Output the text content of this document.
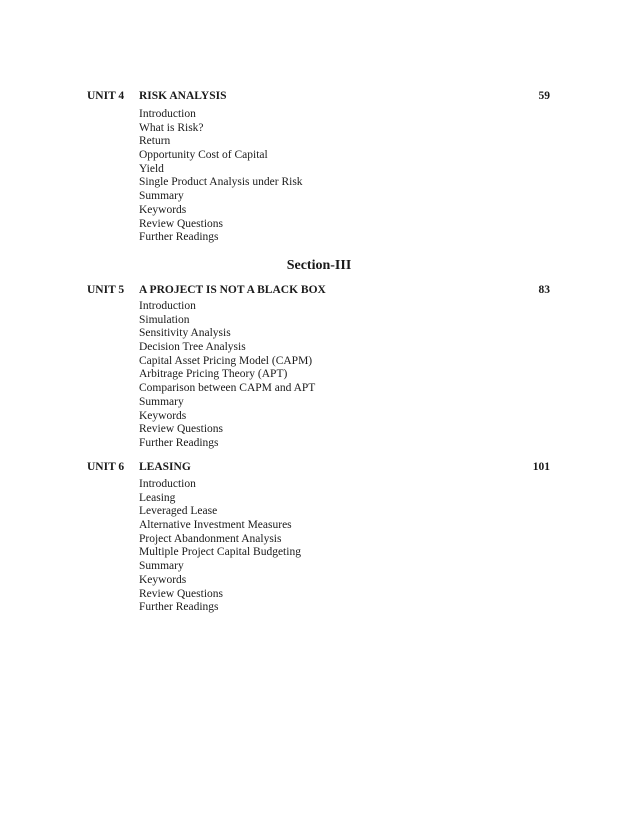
UNIT 4 RISK ANALYSIS	59
Introduction
What is Risk?
Return
Opportunity Cost of Capital
Yield
Single Product Analysis under Risk
Summary
Keywords
Review Questions
Further Readings
Section-III
UNIT 5 A PROJECT IS NOT A BLACK BOX	83
Introduction
Simulation
Sensitivity Analysis
Decision Tree Analysis
Capital Asset Pricing Model (CAPM)
Arbitrage Pricing Theory (APT)
Comparison between CAPM and APT
Summary
Keywords
Review Questions
Further Readings
UNIT 6 LEASING	101
Introduction
Leasing
Leveraged Lease
Alternative Investment Measures
Project Abandonment Analysis
Multiple Project Capital Budgeting
Summary
Keywords
Review Questions
Further Readings
